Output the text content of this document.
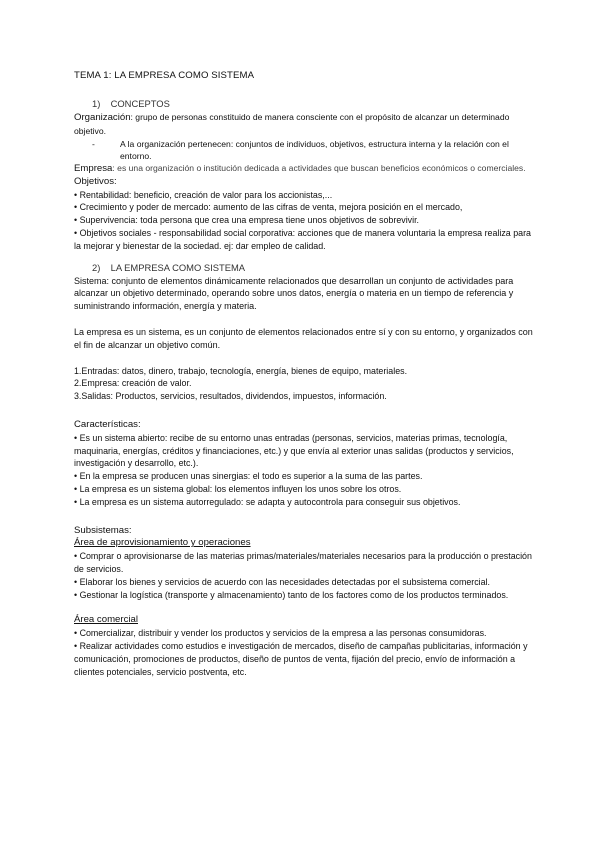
TEMA 1: LA EMPRESA COMO SISTEMA
1) CONCEPTOS

Organización: grupo de personas constituido de manera consciente con el propósito de alcanzar un determinado objetivo.

-	A la organización pertenecen: conjuntos de individuos, objetivos, estructura interna y la relación con el entorno.

Empresa: es una organización o institución dedicada a actividades que buscan beneficios económicos o comerciales.

Objetivos:

• Rentabilidad: beneficio, creación de valor para los accionistas,...

• Crecimiento y poder de mercado: aumento de las cifras de venta, mejora posición en el mercado,

• Supervivencia: toda persona que crea una empresa tiene unos objetivos de sobrevivir.

• Objetivos sociales - responsabilidad social corporativa: acciones que de manera voluntaria la empresa realiza para la mejorar y bienestar de la sociedad. ej: dar empleo de calidad.

2) LA EMPRESA COMO SISTEMA

Sistema: conjunto de elementos dinámicamente relacionados que desarrollan un conjunto de actividades para alcanzar un objetivo determinado, operando sobre unos datos, energía o materia en un tiempo de referencia y suministrando información, energía y materia.

La empresa es un sistema, es un conjunto de elementos relacionados entre sí y con su entorno, y organizados con el fin de alcanzar un objetivo común.

1.Entradas: datos, dinero, trabajo, tecnología, energía, bienes de equipo, materiales.

2.Empresa: creación de valor.

3.Salidas: Productos, servicios, resultados, dividendos, impuestos, información.

Características:

• Es un sistema abierto: recibe de su entorno unas entradas (personas, servicios, materias primas, tecnología, maquinaria, energías, créditos y financiaciones, etc.) y que envía al exterior unas salidas (productos y servicios, investigación y desarrollo, etc.).

• En la empresa se producen unas sinergias: el todo es superior a la suma de las partes.

• La empresa es un sistema global: los elementos influyen los unos sobre los otros.

• La empresa es un sistema autorregulado: se adapta y autocontrola para conseguir sus objetivos.

Subsistemas:

Área de aprovisionamiento y operaciones

• Comprar o aprovisionarse de las materias primas/materiales/materiales necesarios para la producción o prestación de servicios.

• Elaborar los bienes y servicios de acuerdo con las necesidades detectadas por el subsistema comercial.

• Gestionar la logística (transporte y almacenamiento) tanto de los factores como de los productos terminados.

Área comercial

• Comercializar, distribuir y vender los productos y servicios de la empresa a las personas consumidoras.

• Realizar actividades como estudios e investigación de mercados, diseño de campañas publicitarias, información y comunicación, promociones de productos, diseño de puntos de venta, fijación del precio, envío de información a clientes potenciales, servicio postventa, etc.
